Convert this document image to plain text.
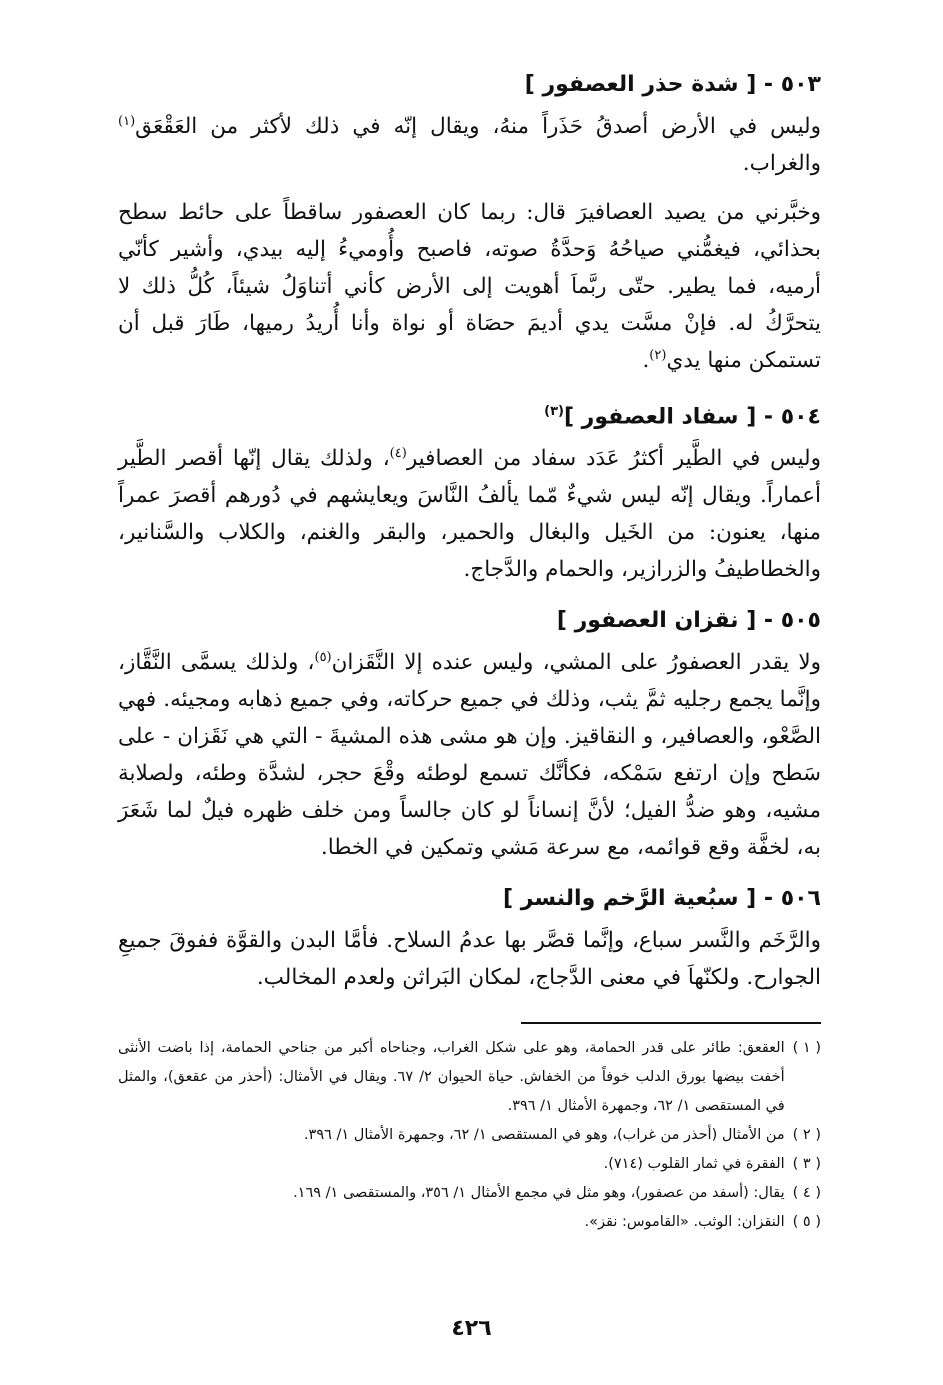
٥٠٣ - [ شدة حذر العصفور ]

وليس في الأرض أصدقُ حَذَراً منهُ، ويقال إنّه في ذلك لأكثر من العَقْعَق$^{(١)}$ والغراب.

وخبَّرني من يصيد العصافيرَ قال: ربما كان العصفور ساقطاً على حائط سطح بحذائي، فيغمُّني صياحُهُ وَحدَّةُ صوته، فاصبح وأُوميءُ إليه بيدي، وأشير كأنّي أرميه، فما يطير. حتّى ربَّماَ أهويت إلى الأرض كأني أتناوَلُ شيئاً، كُلُّ ذلك لا يتحرَّكُ له. فإنْ مسَّت يدي أديمَ حصَاة أو نواة وأنا أُريدُ رميها، طَارَ قبل أن تستمكن منها يدي$^{(٢)}$.

٥٠٤ - [ سفاد العصفور ]$^{(٣)}$

وليس في الطَّير أكثرُ عَدَد سفاد من العصافير$^{(٤)}$، ولذلك يقال إنّها أقصر الطَّير أعماراً. ويقال إنّه ليس شيءٌ مّما يألفُ النَّاسَ ويعايشهم في دُورهم أقصرَ عمراً منها، يعنون: من الخَيل والبغال والحمير، والبقر والغنم، والكلاب والسَّنانير، والخطاطيفُ والزرازير، والحمام والدَّجاج.

٥٠٥ - [ نقزان العصفور ]

ولا يقدر العصفورُ على المشي، وليس عنده إلا النَّقَزان$^{(٥)}$، ولذلك يسمَّى النَّقَّاز، وإنَّما يجمع رجليه ثمَّ يثب، وذلك في جميع حركاته، وفي جميع ذهابه ومجيئه. فهي الصَّعْو، والعصافير، و النقاقيز. وإن هو مشى هذه المشيةَ - التي هي نَقَزان - على سَطح وإن ارتفع سَمْكه، فكأنَّك تسمع لوطئه وقْعَ حجر، لشدَّة وطئه، ولصلابة مشيه، وهو ضدُّ الفيل؛ لأنَّ إنساناً لو كان جالساً ومن خلف ظهره فيلٌ لما شَعَرَ به، لخفَّة وقع قوائمه، مع سرعة مَشي وتمكين في الخطا.

٥٠٦ - [ سبُعية الرَّخم والنسر ]

والرَّخَم والنَّسر سباع، وإنَّما قصَّر بها عدمُ السلاح. فأمَّا البدن والقوَّة ففوقَ جميعِ الجوارح. ولكنّهاَ في معنى الدَّجاج، لمكان البَراثن ولعدم المخالب.

( ١ )
العقعق: طائر على قدر الحمامة، وهو على شكل الغراب، وجناحاه أكبر من جناحي الحمامة، إذا باضت الأنثى أخفت بيضها بورق الدلب خوفاً من الخفاش. حياة الحيوان ٢/ ٦٧. ويقال في الأمثال: (أحذر من عقعق)، والمثل في المستقصى ١/ ٦٢، وجمهرة الأمثال ١/ ٣٩٦.
( ٢ )
من الأمثال (أحذر من غراب)، وهو في المستقصى ١/ ٦٢، وجمهرة الأمثال ١/ ٣٩٦.
( ٣ )
الفقرة في ثمار القلوب (٧١٤).
( ٤ )
يقال: (أسفد من عصفور)، وهو مثل في مجمع الأمثال ١/ ٣٥٦، والمستقصى ١/ ١٦٩.
( ٥ )
النقزان: الوثب. «القاموس: نقز».
٤٢٦
